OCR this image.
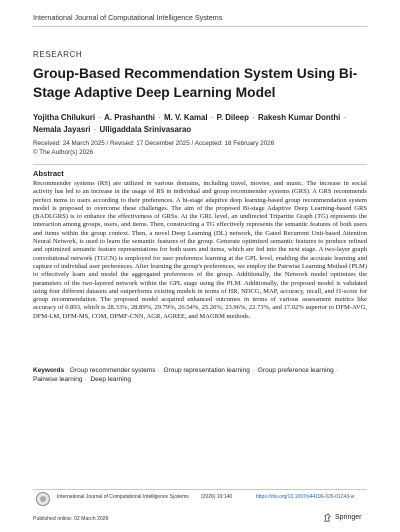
International Journal of Computational Intelligence Systems
RESEARCH
Group-Based Recommendation System Using Bi-Stage Adaptive Deep Learning Model
Yojitha Chilukuri · A. Prashanthi · M. V. Kamal · P. Dileep · Rakesh Kumar Donthi ·
Nemala Jayasri · Ulligaddala Srinivasarao
Received: 24 March 2025 / Revised: 17 December 2025 / Accepted: 18 February 2026
© The Author(s) 2026
Abstract
Recommender systems (RS) are utilized in various domains, including travel, movies, and music. The increase in social activity has led to an increase in the usage of RS in individual and group recommender systems (GRS). A GRS recommends perfect items to users according to their preferences. A bi-stage adaptive deep learning-based group recommendation system model is proposed to overcome these challenges. The aim of the proposed Bi-stage Adaptive Deep Learning-based GRS (BADLGRS) is to enhance the effectiveness of GRSs. At the GRL level, an undirected Tripartite Graph (TG) represents the interaction among groups, users, and items. Then, constructing a TG effectively represents the semantic features of both users and items within the group context. Then, a novel Deep Learning (DL) network, the Gated Recurrent Unit-based Attention Neural Network, is used to learn the semantic features of the group. Generate optimized semantic features to produce refined and optimized semantic feature representations for both users and items, which are fed into the next stage. A two-layer graph convolutional network (TGCN) is employed for user preference learning at the GPL level, enabling the accurate learning and capture of individual user preferences. After learning the group's preferences, we employ the Pairwise Learning Method (PLM) to effectively learn and model the aggregated preferences of the group. Additionally, the Network model optimizes the parameters of the two-layered network within the GPL stage using the PLM. Additionally, the proposed model is validated using four different datasets and outperforms existing models in terms of HR, NDCG, MAP, accuracy, recall, and f1-score for group recommendation. The proposed model acquired enhanced outcomes in terms of various assessment metrics like accuracy of 0.893, which is 28.33%, 28.89%, 29.79%, 26.54%, 25.20%, 23.96%, 22.73%, and 17.02% superior to DFM-AVG, DFM-LM, DFM-MS, COM, DPMF-CNN, AGR, AGREE, and MAGRM methods.
Keywords Group recommender systems · Group representation learning · Group preference learning ·
Pairwise learning · Deep learning
International Journal of Computational Intelligence Systems (2026) 19:140	https://doi.org/10.1007/s44196-026-01243-w
Published online: 02 March 2026	Springer
